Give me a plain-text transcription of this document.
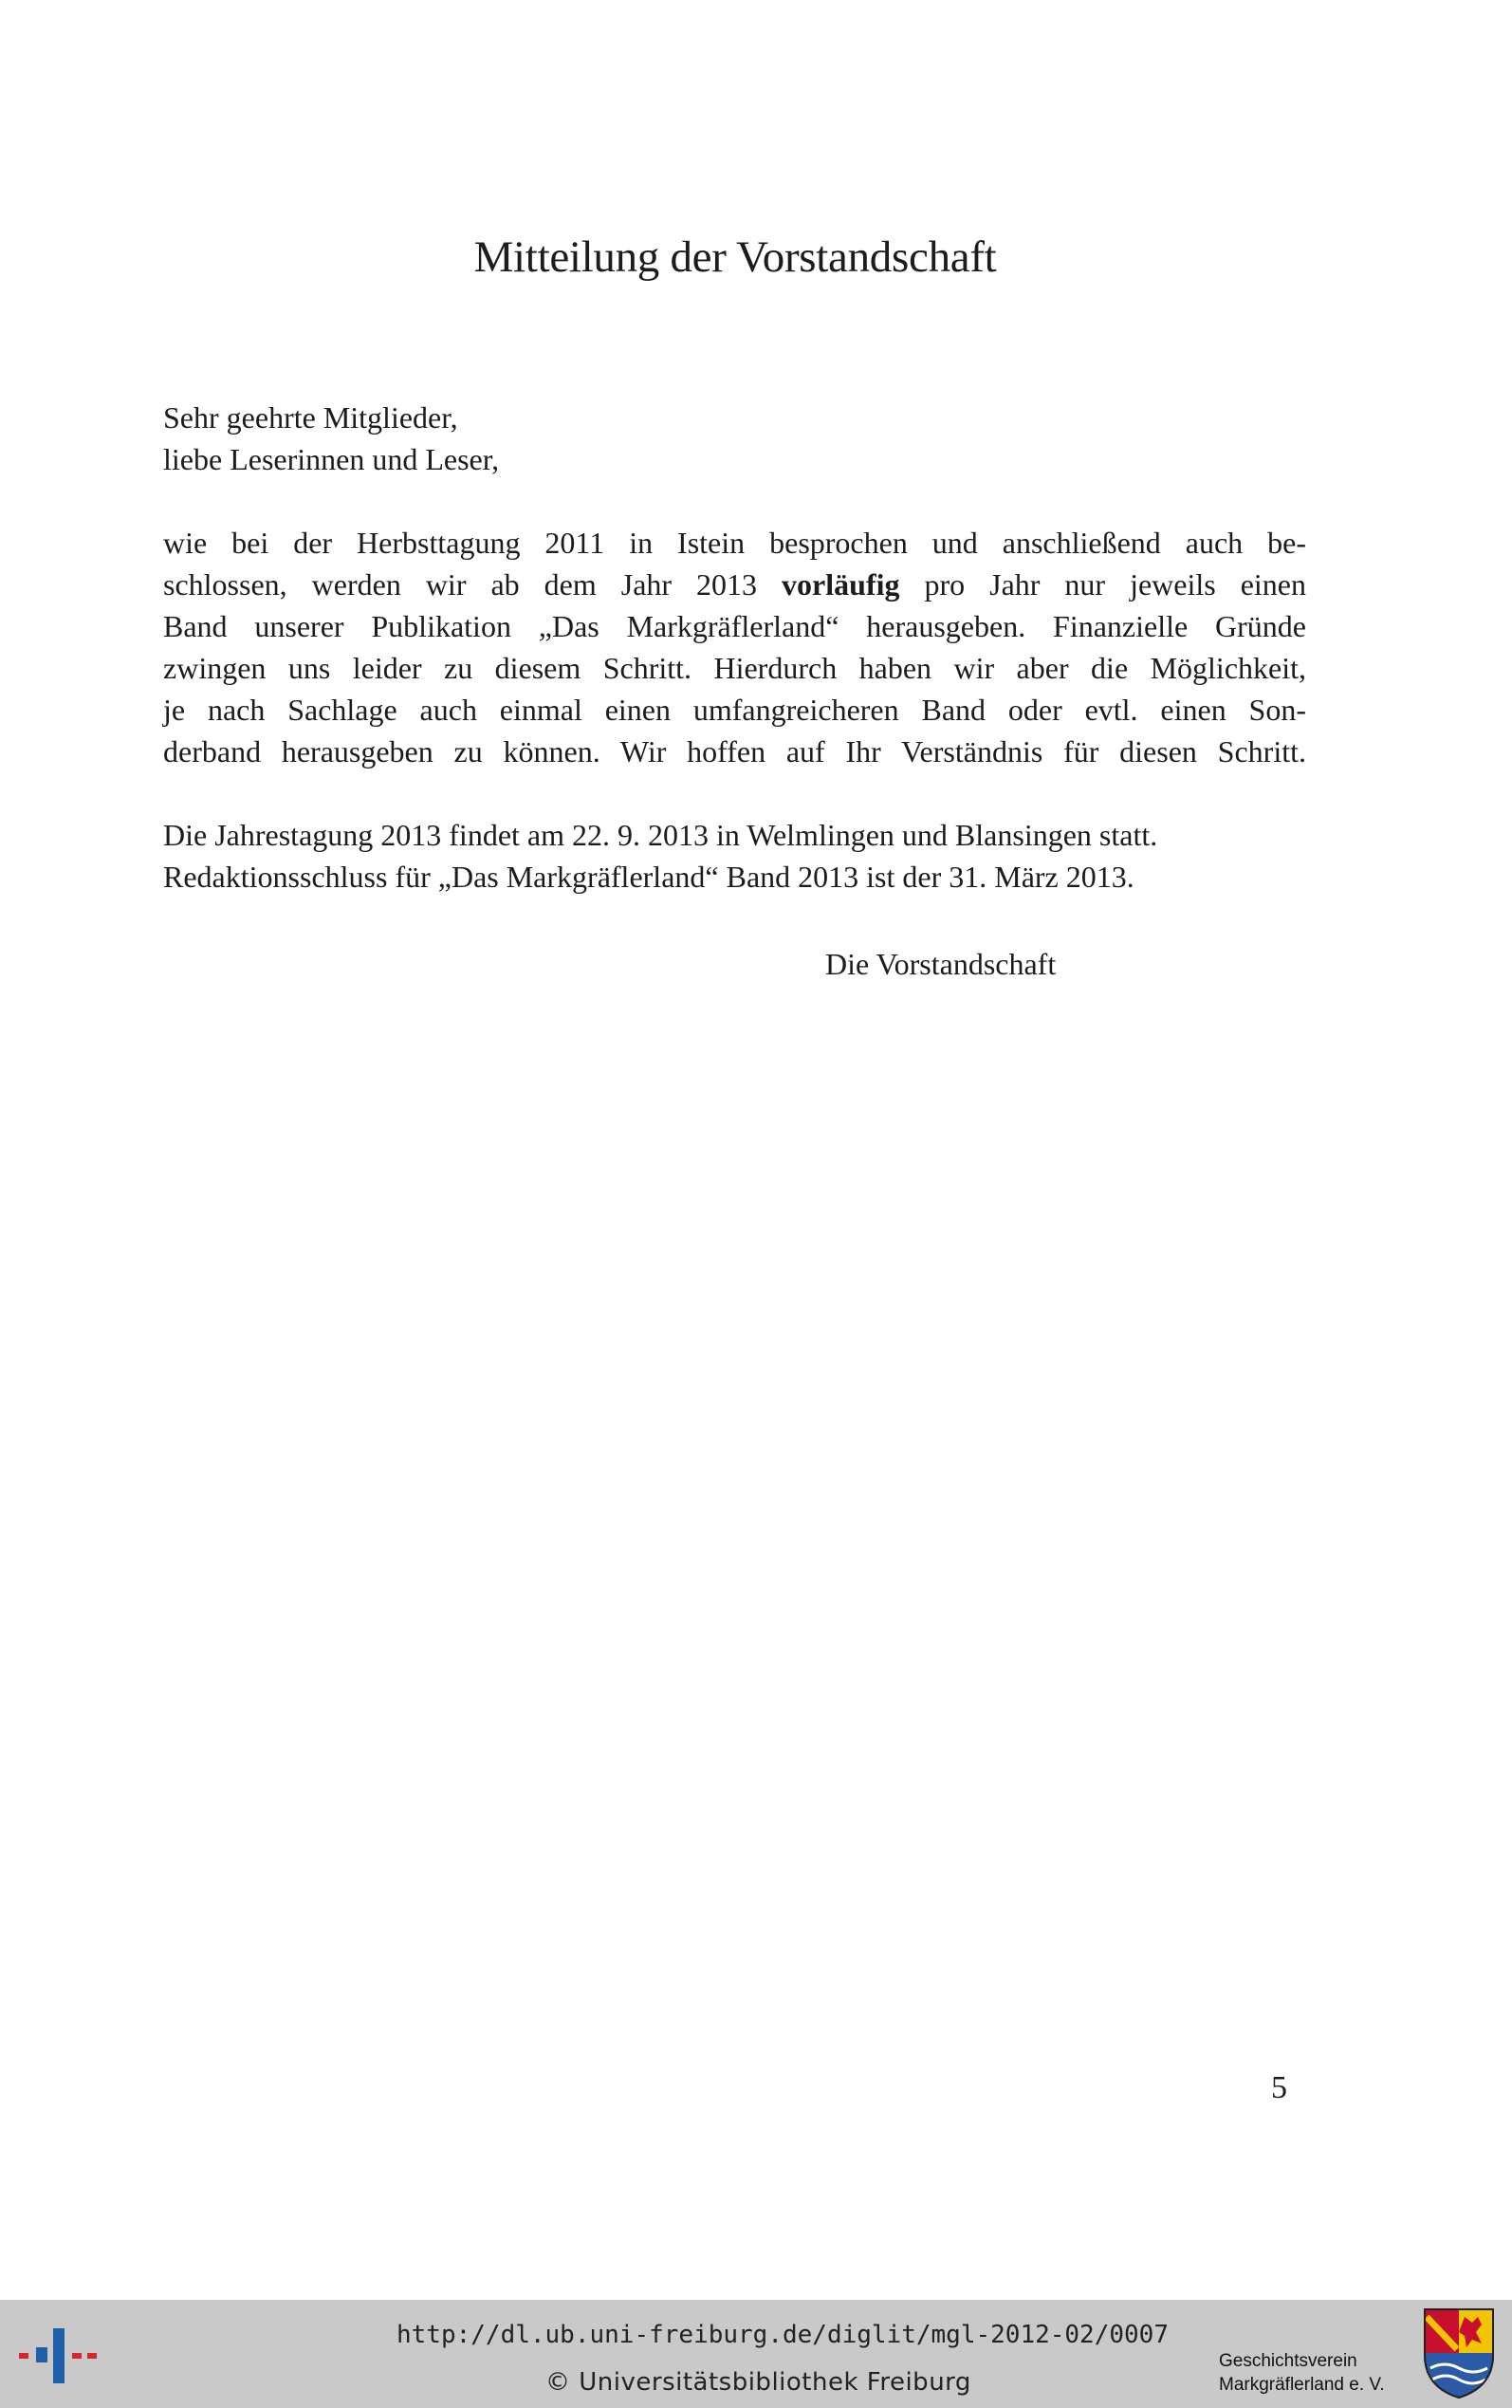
Mitteilung der Vorstandschaft
Sehr geehrte Mitglieder,
liebe Leserinnen und Leser,
wie bei der Herbsttagung 2011 in Istein besprochen und anschließend auch be-
schlossen, werden wir ab dem Jahr 2013 vorläufig pro Jahr nur jeweils einen
Band unserer Publikation „Das Markgräflerland“ herausgeben. Finanzielle Gründe
zwingen uns leider zu diesem Schritt. Hierdurch haben wir aber die Möglichkeit,
je nach Sachlage auch einmal einen umfangreicheren Band oder evtl. einen Son-
derband herausgeben zu können. Wir hoffen auf Ihr Verständnis für diesen Schritt.
Die Jahrestagung 2013 findet am 22. 9. 2013 in Welmlingen und Blansingen statt.
Redaktionsschluss für „Das Markgräflerland“ Band 2013 ist der 31. März 2013.
Die Vorstandschaft
5
http://dl.ub.uni-freiburg.de/diglit/mgl-2012-02/0007
© Universitätsbibliothek Freiburg
Geschichtsverein
Markgräflerland e. V.
